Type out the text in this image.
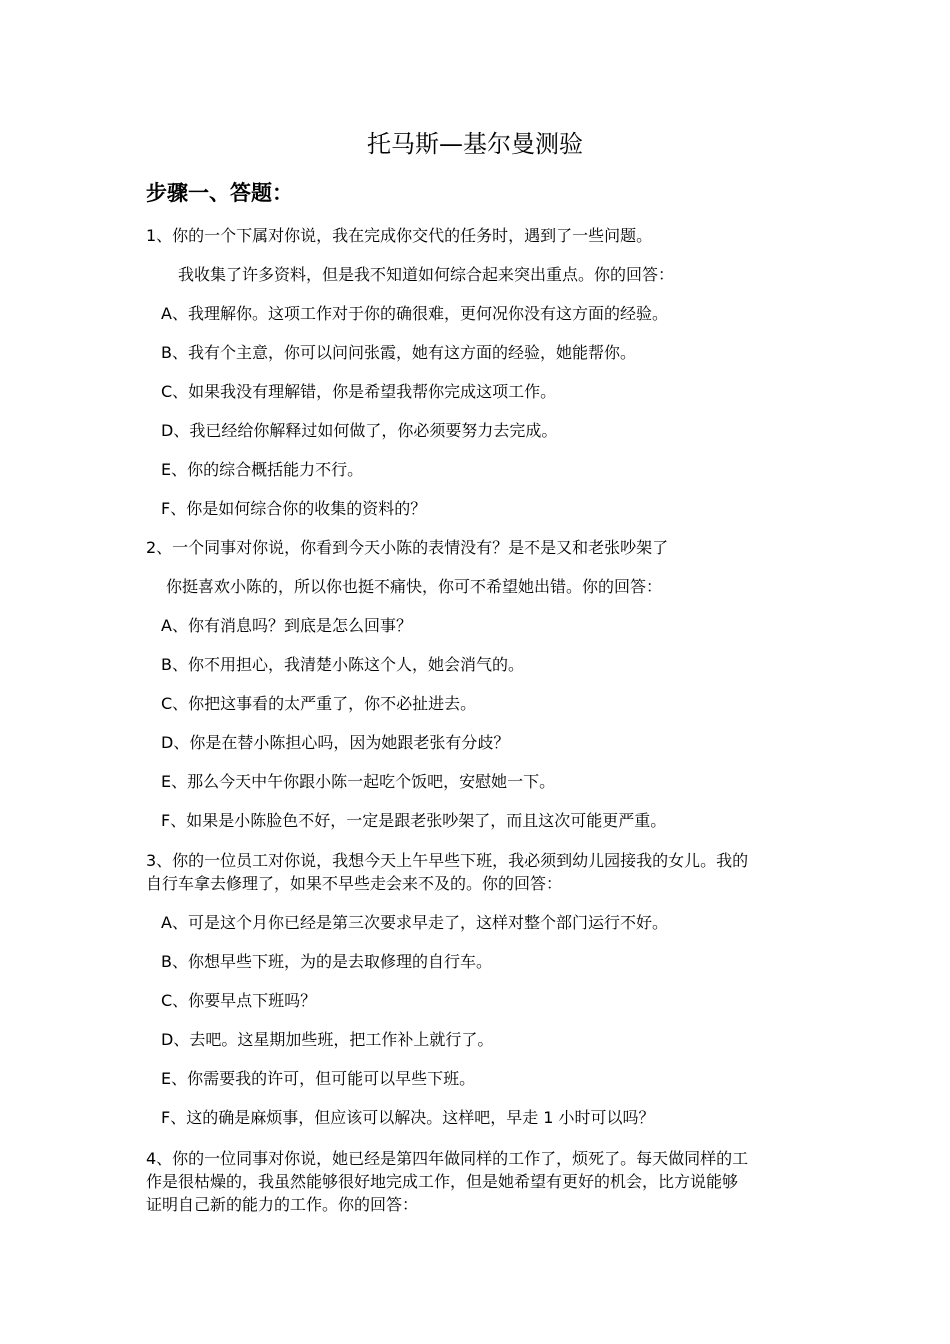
托马斯—基尔曼测验
步骤一、答题：
1、你的一个下属对你说，我在完成你交代的任务时，遇到了一些问题。
我收集了许多资料，但是我不知道如何综合起来突出重点。你的回答：
A、我理解你。这项工作对于你的确很难，更何况你没有这方面的经验。
B、我有个主意，你可以问问张霞，她有这方面的经验，她能帮你。
C、如果我没有理解错，你是希望我帮你完成这项工作。
D、我已经给你解释过如何做了，你必须要努力去完成。
E、你的综合概括能力不行。
F、你是如何综合你的收集的资料的？
2、一个同事对你说，你看到今天小陈的表情没有？是不是又和老张吵架了
你挺喜欢小陈的，所以你也挺不痛快，你可不希望她出错。你的回答：
A、你有消息吗？到底是怎么回事？
B、你不用担心，我清楚小陈这个人，她会消气的。
C、你把这事看的太严重了，你不必扯进去。
D、你是在替小陈担心吗，因为她跟老张有分歧？
E、那么今天中午你跟小陈一起吃个饭吧，安慰她一下。
F、如果是小陈脸色不好，一定是跟老张吵架了，而且这次可能更严重。
3、你的一位员工对你说，我想今天上午早些下班，我必须到幼儿园接我的女儿。我的
自行车拿去修理了，如果不早些走会来不及的。你的回答：
A、可是这个月你已经是第三次要求早走了，这样对整个部门运行不好。
B、你想早些下班，为的是去取修理的自行车。
C、你要早点下班吗？
D、去吧。这星期加些班，把工作补上就行了。
E、你需要我的许可，但可能可以早些下班。
F、这的确是麻烦事，但应该可以解决。这样吧，早走 1 小时可以吗？
4、你的一位同事对你说，她已经是第四年做同样的工作了，烦死了。每天做同样的工
作是很枯燥的，我虽然能够很好地完成工作，但是她希望有更好的机会，比方说能够
证明自己新的能力的工作。你的回答：
